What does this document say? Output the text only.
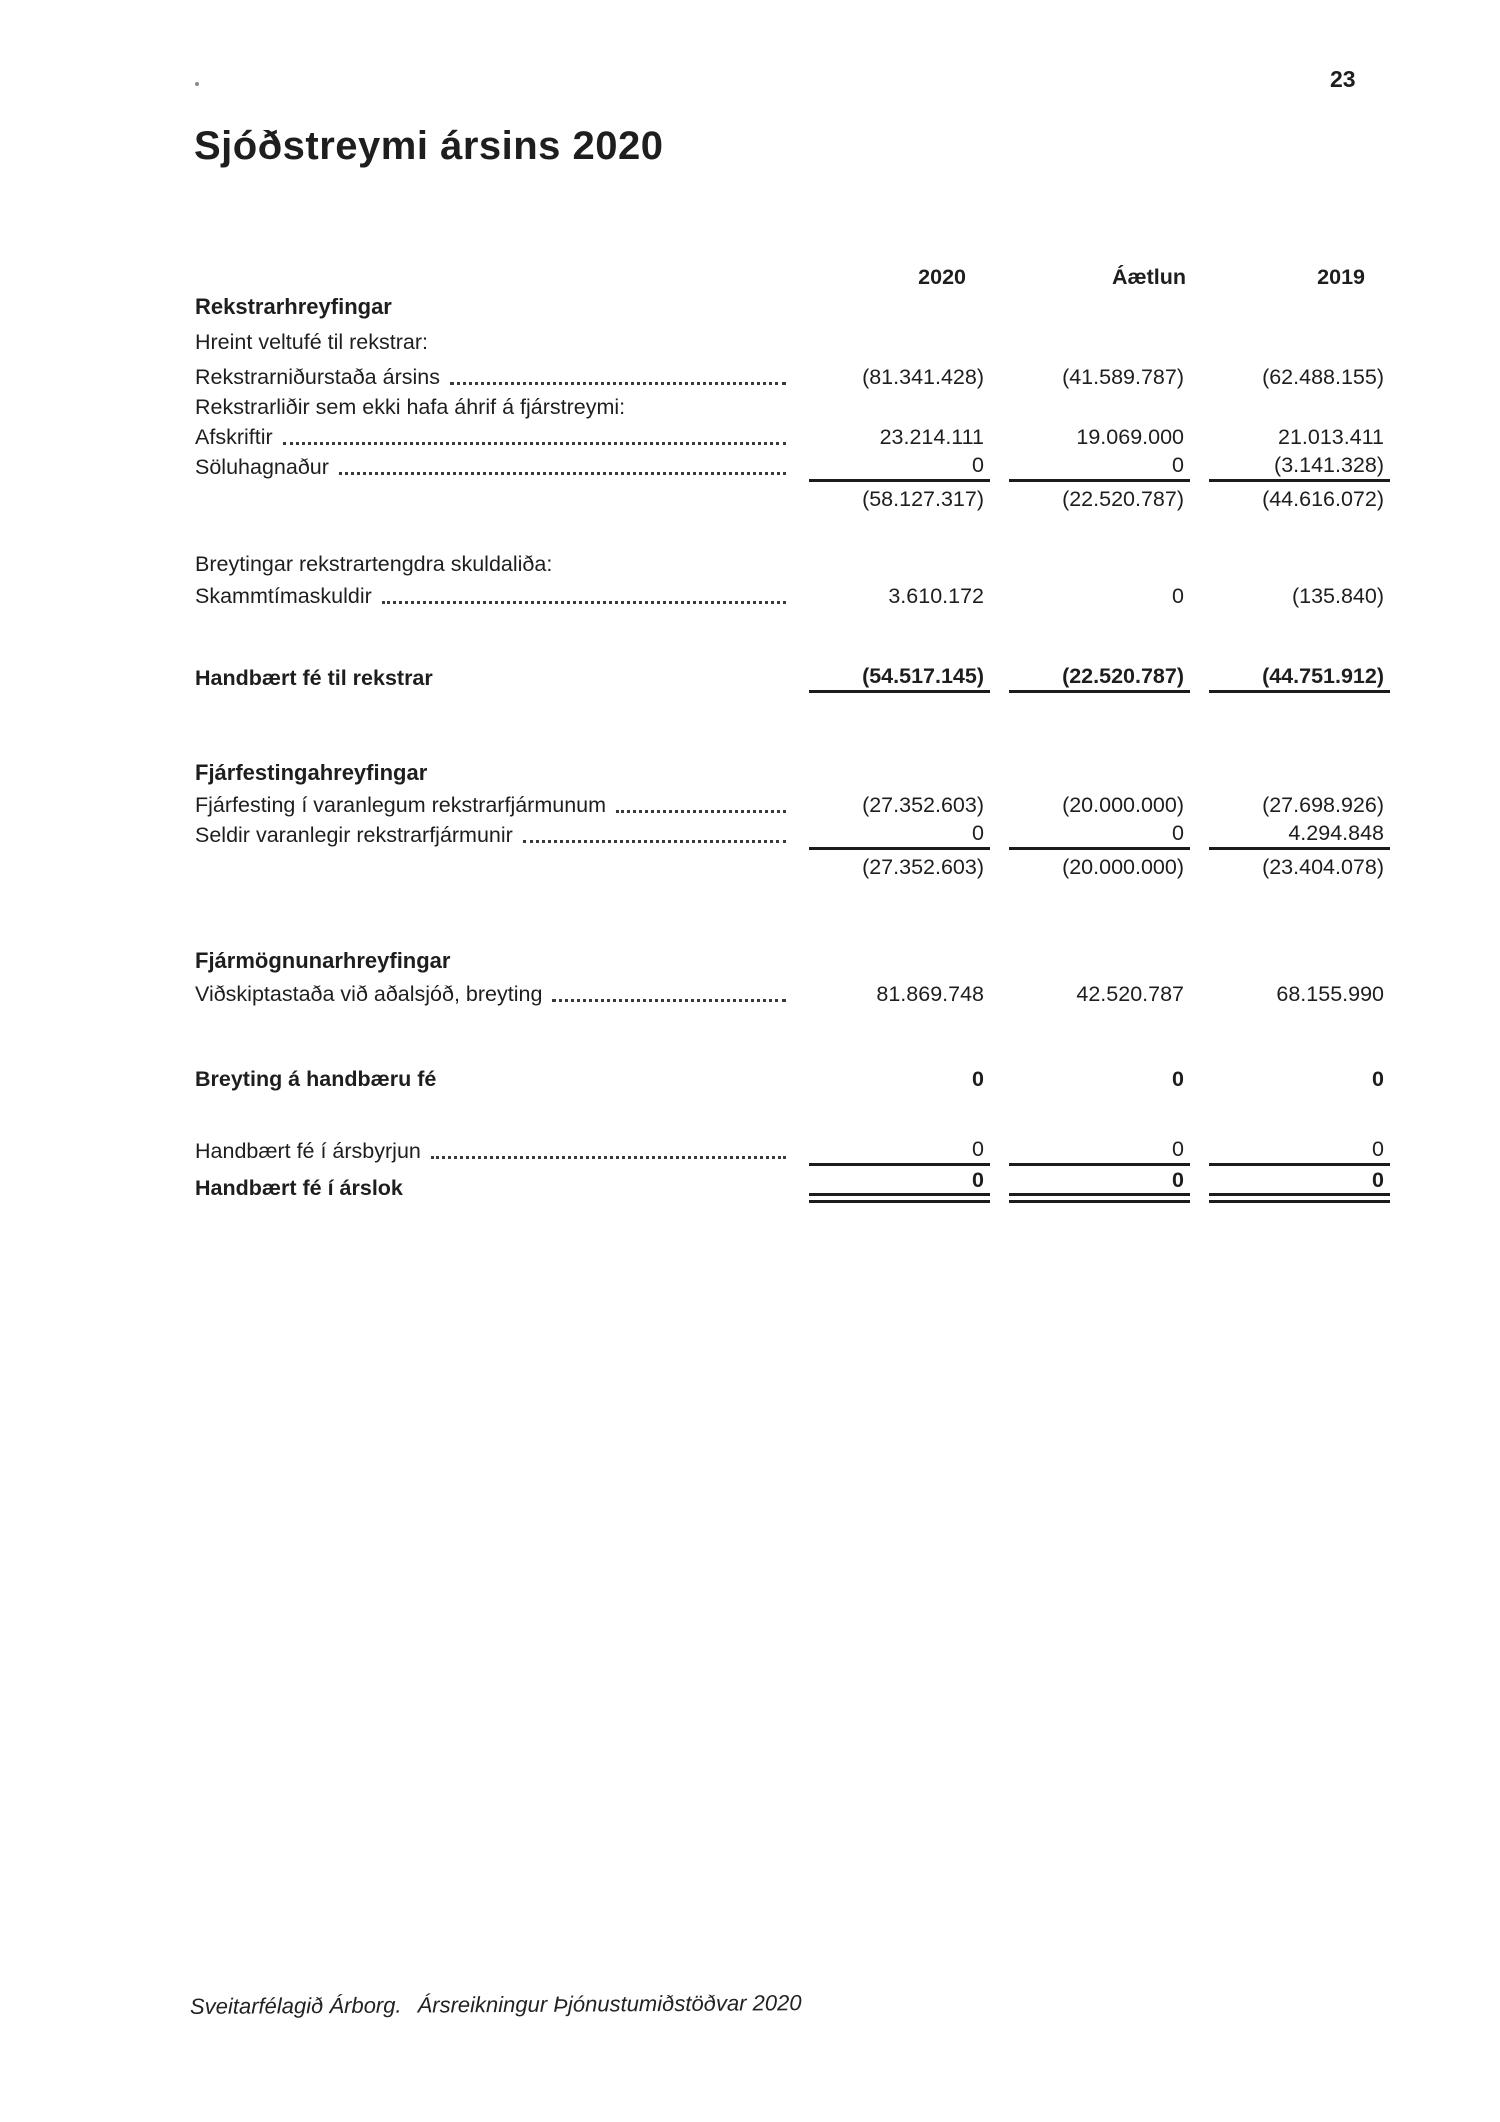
23
Sjóðstreymi ársins 2020
2020	Áætlun	2019
Rekstrarhreyfingar
Hreint veltufé til rekstrar:
Rekstrarniðurstaða ársins	(81.341.428)	(41.589.787)	(62.488.155)
Rekstrarliðir sem ekki hafa áhrif á fjárstreymi:
Afskriftir	23.214.111	19.069.000	21.013.411
Söluhagnaður	0	0	(3.141.328)
(58.127.317)	(22.520.787)	(44.616.072)
Breytingar rekstrartengdra skuldaliða:
Skammtímaskuldir	3.610.172	0	(135.840)
Handbært fé til rekstrar	(54.517.145)	(22.520.787)	(44.751.912)
Fjárfestingahreyfingar
Fjárfesting í varanlegum rekstrarfjármunum	(27.352.603)	(20.000.000)	(27.698.926)
Seldir varanlegir rekstrarfjármunir	0	0	4.294.848
(27.352.603)	(20.000.000)	(23.404.078)
Fjármögnunarhreyfingar
Viðskiptastaða við aðalsjóð, breyting	81.869.748	42.520.787	68.155.990
Breyting á handbæru fé	0	0	0
Handbært fé í ársbyrjun	0	0	0
Handbært fé í árslok	0	0	0
Sveitarfélagið Árborg. Ársreikningur Þjónustumiðstöðvar 2020
